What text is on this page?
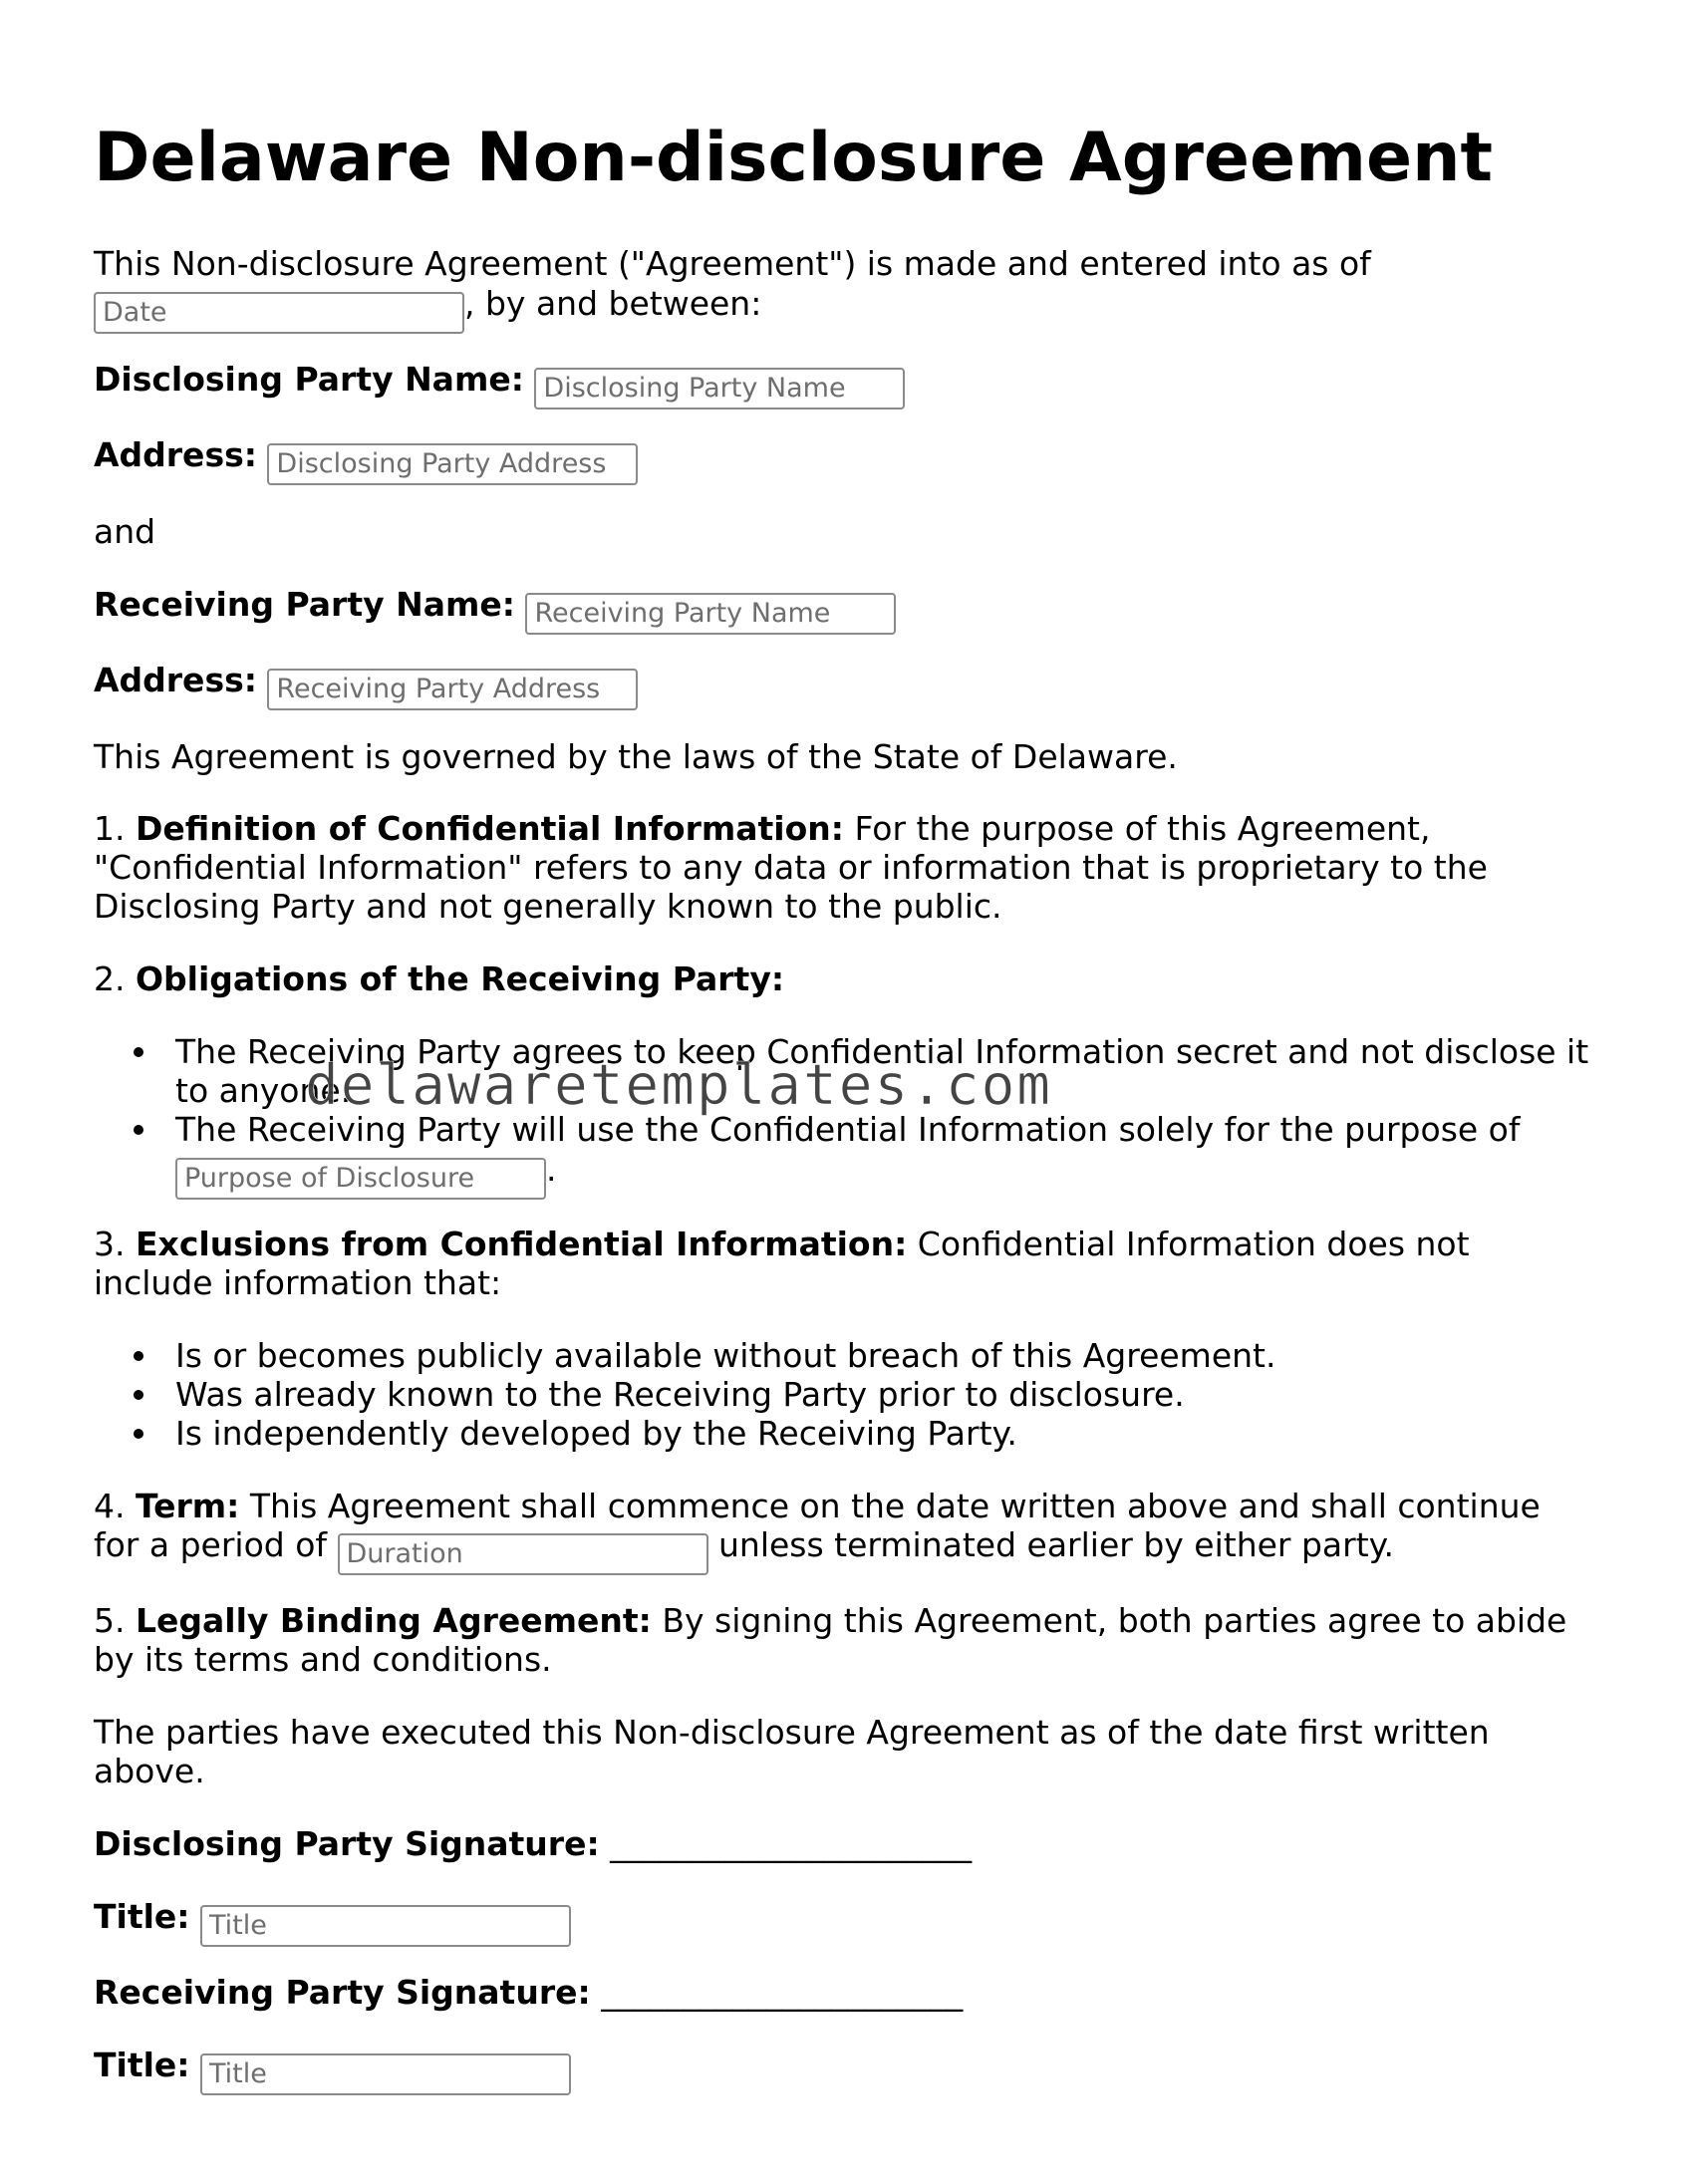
Delaware Non-disclosure Agreement
This Non-disclosure Agreement ("Agreement") is made and entered into as of
Date, by and between:
Disclosing Party Name: Disclosing Party Name
Address: Disclosing Party Address
and
Receiving Party Name: Receiving Party Name
Address: Receiving Party Address
This Agreement is governed by the laws of the State of Delaware.
1. Definition of Confidential Information: For the purpose of this Agreement,
"Confidential Information" refers to any data or information that is proprietary to the
Disclosing Party and not generally known to the public.
2. Obligations of the Receiving Party:
The Receiving Party agrees to keep Confidential Information secret and not disclose it
to anyone.
The Receiving Party will use the Confidential Information solely for the purpose of
Purpose of Disclosure.
3. Exclusions from Confidential Information: Confidential Information does not
include information that:
Is or becomes publicly available without breach of this Agreement.
Was already known to the Receiving Party prior to disclosure.
Is independently developed by the Receiving Party.
4. Term: This Agreement shall commence on the date written above and shall continue
for a period of Duration	unless terminated earlier by either party.
5. Legally Binding Agreement: By signing this Agreement, both parties agree to abide
by its terms and conditions.
The parties have executed this Non-disclosure Agreement as of the date first written
above.
Disclosing Party Signature: ______________________
Title: Title
Receiving Party Signature: ______________________
Title: Title
delawaretemplates.com
